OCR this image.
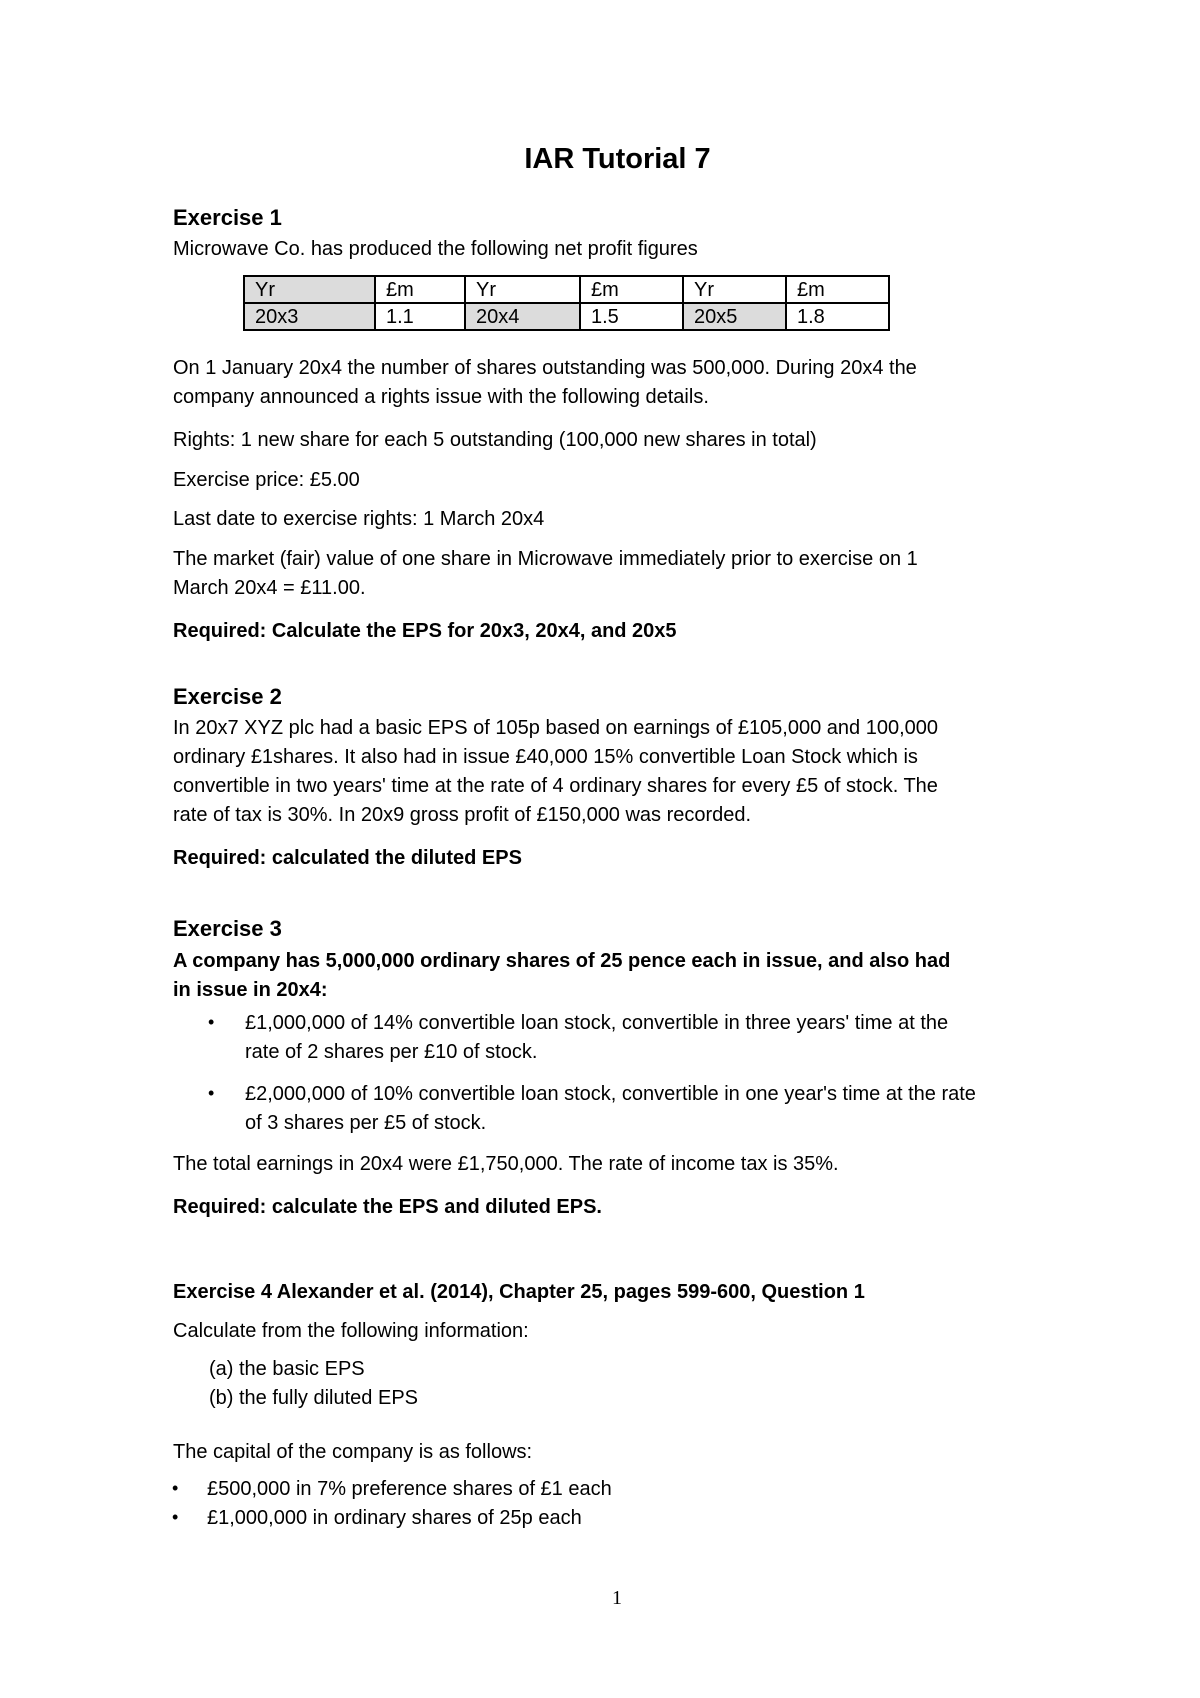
IAR Tutorial 7
Exercise 1
Microwave Co. has produced the following net profit figures
Yr	£m	Yr	£m	Yr	£m
20x3	1.1	20x4	1.5	20x5	1.8
On 1 January 20x4 the number of shares outstanding was 500,000. During 20x4 the
company announced a rights issue with the following details.
Rights: 1 new share for each 5 outstanding (100,000 new shares in total)
Exercise price: £5.00
Last date to exercise rights: 1 March 20x4
The market (fair) value of one share in Microwave immediately prior to exercise on 1
March 20x4 = £11.00.
Required: Calculate the EPS for 20x3, 20x4, and 20x5
Exercise 2
In 20x7 XYZ plc had a basic EPS of 105p based on earnings of £105,000 and 100,000
ordinary £1shares. It also had in issue £40,000 15% convertible Loan Stock which is
convertible in two years' time at the rate of 4 ordinary shares for every £5 of stock. The
rate of tax is 30%. In 20x9 gross profit of £150,000 was recorded.
Required: calculated the diluted EPS
Exercise 3
A company has 5,000,000 ordinary shares of 25 pence each in issue, and also had
in issue in 20x4:
• £1,000,000 of 14% convertible loan stock, convertible in three years' time at the
rate of 2 shares per £10 of stock.
• £2,000,000 of 10% convertible loan stock, convertible in one year's time at the rate
of 3 shares per £5 of stock.
The total earnings in 20x4 were £1,750,000. The rate of income tax is 35%.
Required: calculate the EPS and diluted EPS.
Exercise 4 Alexander et al. (2014), Chapter 25, pages 599-600, Question 1
Calculate from the following information:
(a) the basic EPS
(b) the fully diluted EPS
The capital of the company is as follows:
• £500,000 in 7% preference shares of £1 each
• £1,000,000 in ordinary shares of 25p each
1
